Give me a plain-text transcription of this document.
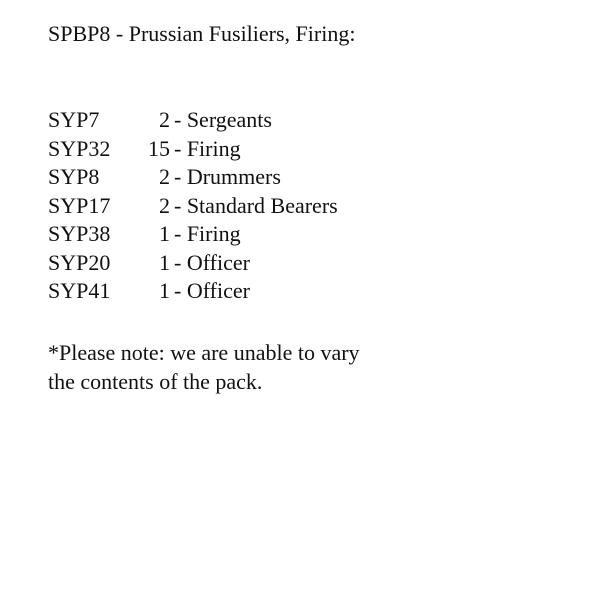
SPBP8 - Prussian Fusiliers, Firing:
SYP7	2 - Sergeants
SYP32	15 - Firing
SYP8	2 - Drummers
SYP17	2 - Standard Bearers
SYP38	1 - Firing
SYP20	1 - Officer
SYP41	1 - Officer
*Please note: we are unable to vary the contents of the pack.
